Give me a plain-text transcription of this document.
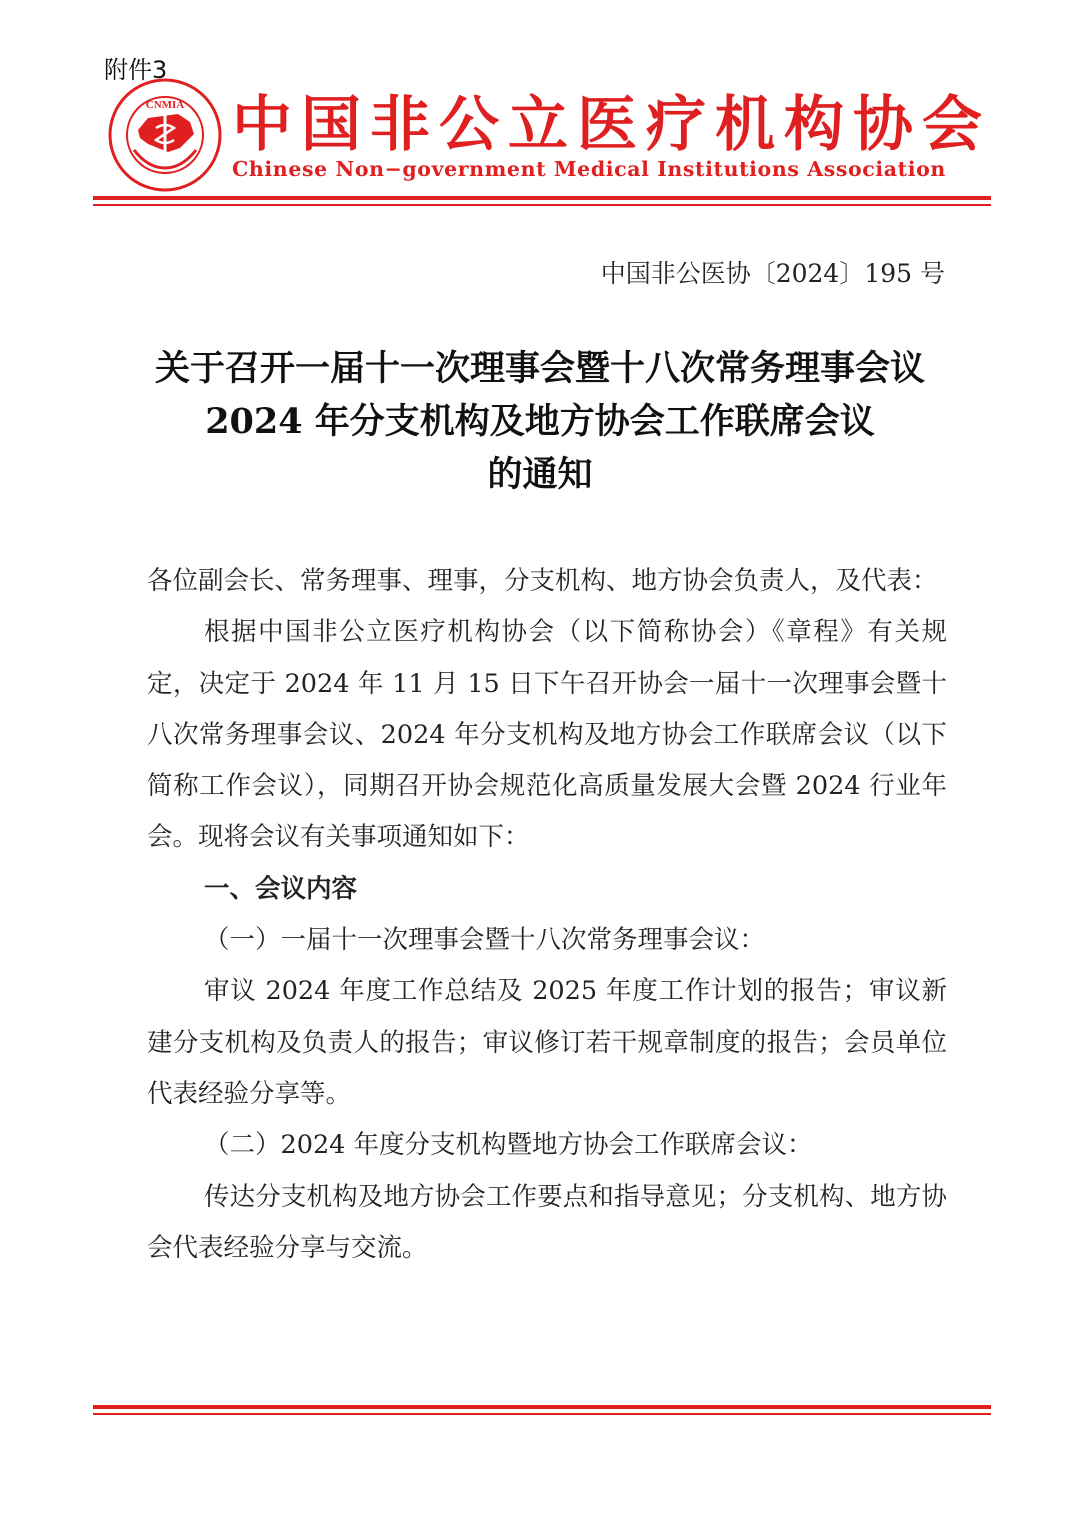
附件3
CNMIA 中国非公立医疗机构协会
Chinese Non−government Medical Institutions Association
中国非公医协〔2024〕195 号
关于召开一届十一次理事会暨十八次常务理事会议
2024 年分支机构及地方协会工作联席会议
的通知

各位副会长、常务理事、理事，分支机构、地方协会负责人，及代表：

根据中国非公立医疗机构协会（以下简称协会）《章程》有关规定，决定于 2024 年 11 月 15 日下午召开协会一届十一次理事会暨十八次常务理事会议、2024 年分支机构及地方协会工作联席会议（以下简称工作会议），同期召开协会规范化高质量发展大会暨 2024 行业年会。现将会议有关事项通知如下：

一、会议内容

（一）一届十一次理事会暨十八次常务理事会议：

审议 2024 年度工作总结及 2025 年度工作计划的报告；审议新建分支机构及负责人的报告；审议修订若干规章制度的报告；会员单位代表经验分享等。

（二）2024 年度分支机构暨地方协会工作联席会议：

传达分支机构及地方协会工作要点和指导意见；分支机构、地方协会代表经验分享与交流。
